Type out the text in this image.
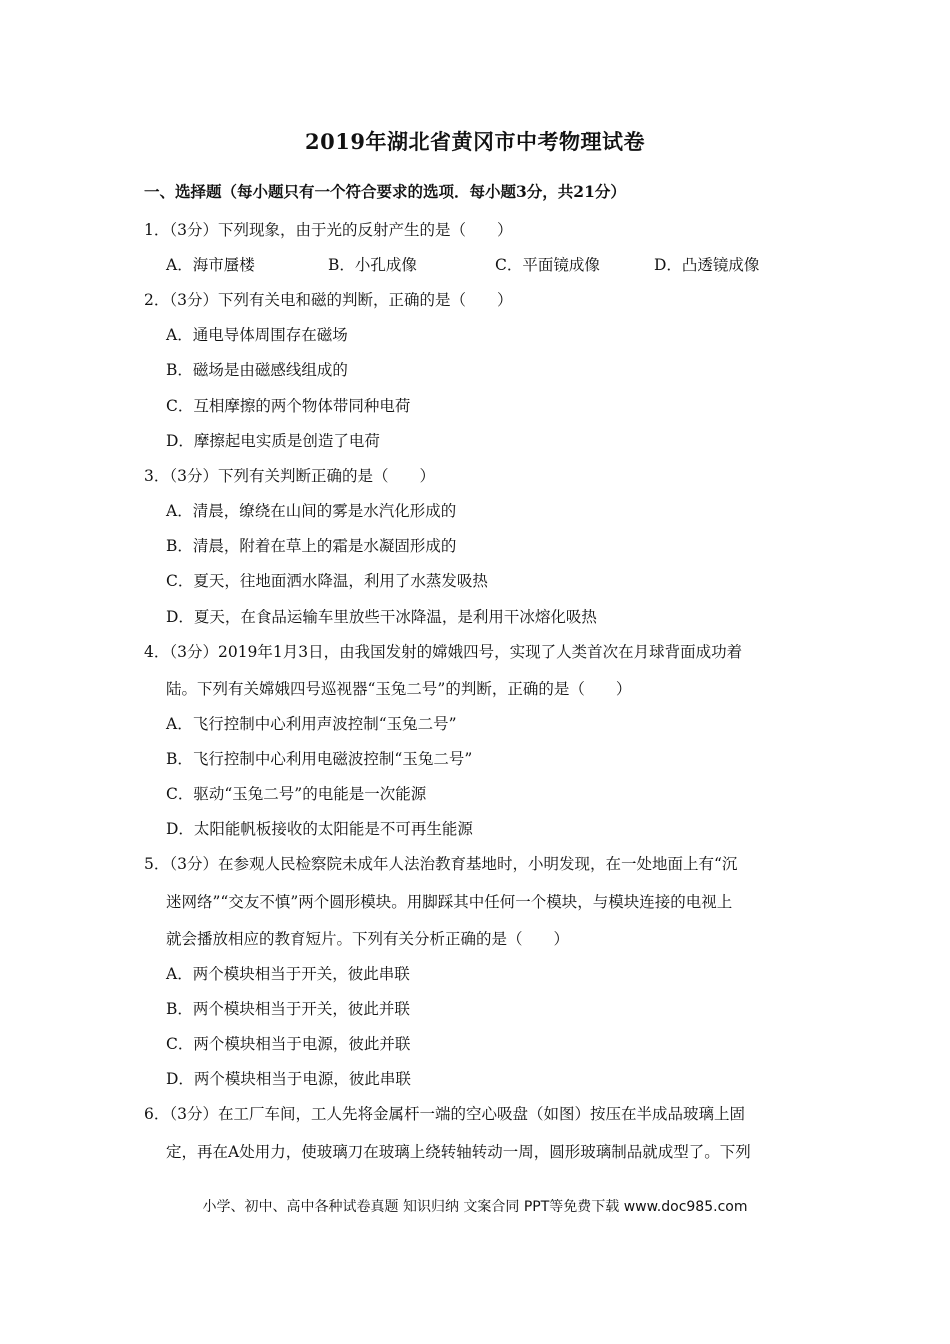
2019年湖北省黄冈市中考物理试卷
一、选择题（每小题只有一个符合要求的选项．每小题3分，共21分）
1．（3分）下列现象，由于光的反射产生的是（　　）
A．海市蜃楼	B．小孔成像	C．平面镜成像	D．凸透镜成像
2．（3分）下列有关电和磁的判断，正确的是（　　）
A．通电导体周围存在磁场
B．磁场是由磁感线组成的
C．互相摩擦的两个物体带同种电荷
D．摩擦起电实质是创造了电荷
3．（3分）下列有关判断正确的是（　　）
A．清晨，缭绕在山间的雾是水汽化形成的
B．清晨，附着在草上的霜是水凝固形成的
C．夏天，往地面洒水降温，利用了水蒸发吸热
D．夏天，在食品运输车里放些干冰降温，是利用干冰熔化吸热
4．（3分）2019年1月3日，由我国发射的嫦娥四号，实现了人类首次在月球背面成功着
陆。下列有关嫦娥四号巡视器“玉兔二号”的判断，正确的是（　　）
A．飞行控制中心利用声波控制“玉兔二号”
B．飞行控制中心利用电磁波控制“玉兔二号”
C．驱动“玉兔二号”的电能是一次能源
D．太阳能帆板接收的太阳能是不可再生能源
5．（3分）在参观人民检察院未成年人法治教育基地时，小明发现，在一处地面上有“沉
迷网络”“交友不慎”两个圆形模块。用脚踩其中任何一个模块，与模块连接的电视上
就会播放相应的教育短片。下列有关分析正确的是（　　）
A．两个模块相当于开关，彼此串联
B．两个模块相当于开关，彼此并联
C．两个模块相当于电源，彼此并联
D．两个模块相当于电源，彼此串联
6．（3分）在工厂车间，工人先将金属杆一端的空心吸盘（如图）按压在半成品玻璃上固
定，再在A处用力，使玻璃刀在玻璃上绕转轴转动一周，圆形玻璃制品就成型了。下列
小学、初中、高中各种试卷真题 知识归纳 文案合同 PPT等免费下载 www.doc985.com
